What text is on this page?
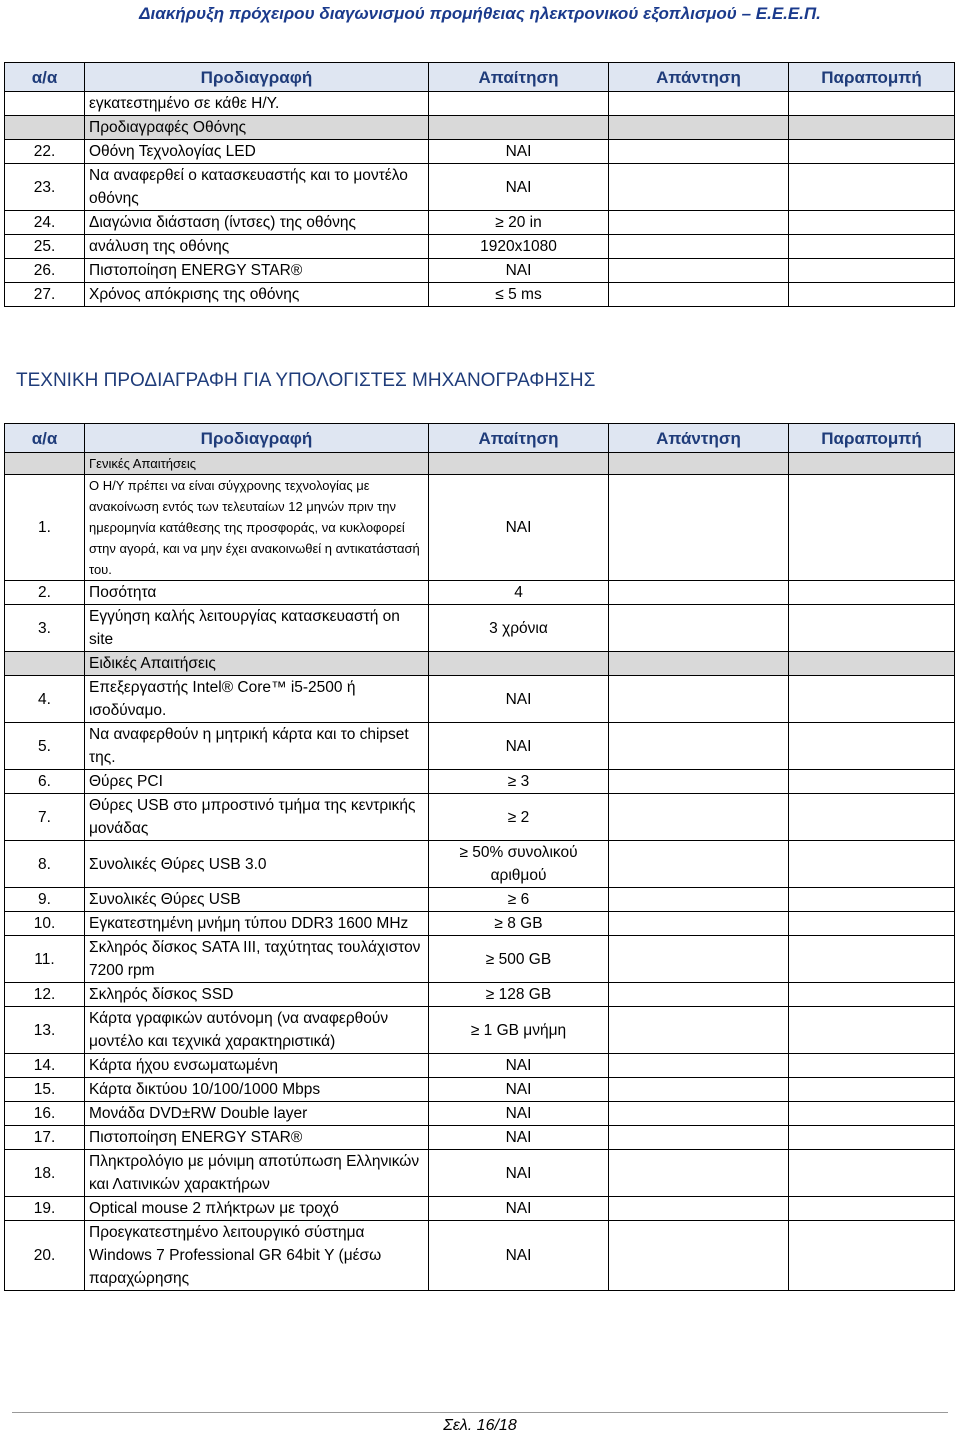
Διακήρυξη πρόχειρου διαγωνισμού προμήθειας ηλεκτρονικού εξοπλισμού – Ε.Ε.Ε.Π.
α/α	Προδιαγραφή	Απαίτηση	Απάντηση	Παραπομπή
	εγκατεστημένο σε κάθε Η/Υ.			
	Προδιαγραφές Οθόνης			
22.	Οθόνη Τεχνολογίας LED	ΝΑΙ		
23.	Να αναφερθεί ο κατασκευαστής και το μοντέλο οθόνης	ΝΑΙ		
24.	Διαγώνια διάσταση (ίντσες) της οθόνης	≥ 20 in		
25.	ανάλυση της οθόνης	1920x1080		
26.	Πιστοποίηση ENERGY STAR®	ΝΑΙ		
27.	Χρόνος απόκρισης της οθόνης	≤ 5 ms		
ΤΕΧΝΙΚΗ ΠΡΟΔΙΑΓΡΑΦΗ ΓΙΑ ΥΠΟΛΟΓΙΣΤΕΣ ΜΗΧΑΝΟΓΡΑΦΗΣΗΣ
α/α	Προδιαγραφή	Απαίτηση	Απάντηση	Παραπομπή
	Γενικές Απαιτήσεις			
1.	Ο Η/Υ πρέπει να είναι σύγχρονης τεχνολογίας με ανακοίνωση εντός των τελευταίων 12 μηνών πριν την ημερομηνία κατάθεσης της προσφοράς, να κυκλοφορεί στην αγορά, και να μην έχει ανακοινωθεί η αντικατάστασή του.	ΝΑΙ		
2.	Ποσότητα	4		
3.	Εγγύηση καλής λειτουργίας κατασκευαστή on site	3 χρόνια		
	Ειδικές Απαιτήσεις			
4.	Επεξεργαστής Intel® Core™ i5-2500 ή ισοδύναμο.	ΝΑΙ		
5.	Να αναφερθούν η μητρική κάρτα και το chipset της.	ΝΑΙ		
6.	Θύρες PCI	≥ 3		
7.	Θύρες USB στο μπροστινό τμήμα της κεντρικής μονάδας	≥ 2		
8.	Συνολικές Θύρες USB 3.0	≥ 50% συνολικού αριθμού		
9.	Συνολικές Θύρες USB	≥ 6		
10.	Εγκατεστημένη μνήμη τύπου DDR3 1600 MHz	≥ 8 GB		
11.	Σκληρός δίσκος SATA III, ταχύτητας τουλάχιστον 7200 rpm	≥ 500 GB		
12.	Σκληρός δίσκος SSD	≥ 128 GB		
13.	Κάρτα γραφικών αυτόνομη (να αναφερθούν μοντέλο και τεχνικά χαρακτηριστικά)	≥ 1 GB μνήμη		
14.	Κάρτα ήχου ενσωματωμένη	ΝΑΙ		
15.	Κάρτα δικτύου 10/100/1000 Mbps	ΝΑΙ		
16.	Μονάδα DVD±RW Double layer	ΝΑΙ		
17.	Πιστοποίηση ENERGY STAR®	ΝΑΙ		
18.	Πληκτρολόγιο με μόνιμη αποτύπωση Ελληνικών και Λατινικών χαρακτήρων	ΝΑΙ		
19.	Optical mouse 2 πλήκτρων με τροχό	ΝΑΙ		
20.	Προεγκατεστημένο λειτουργικό σύστημα Windows 7 Professional GR 64bit Υ (μέσω παραχώρησης	ΝΑΙ		
Σελ. 16/18
